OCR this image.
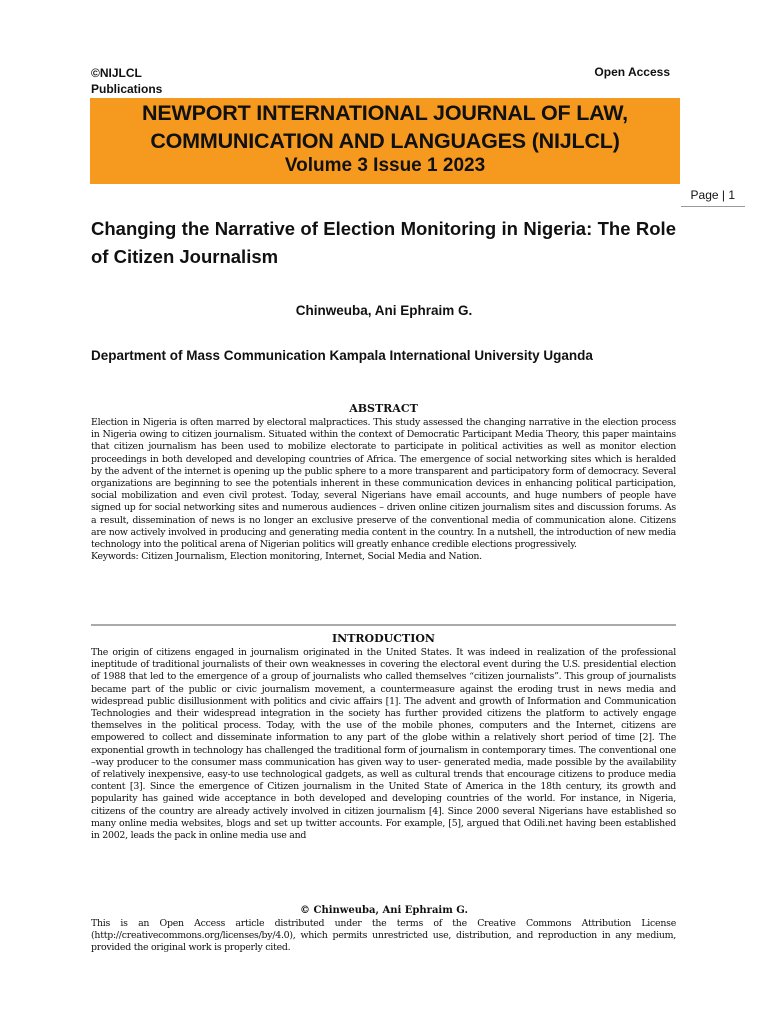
©NIJLCL
Publications
Open Access
NEWPORT INTERNATIONAL JOURNAL OF LAW,
COMMUNICATION AND LANGUAGES (NIJLCL)
Volume 3 Issue 1 2023
Page | 1
Changing the Narrative of Election Monitoring in Nigeria: The Role of Citizen Journalism
Chinweuba, Ani Ephraim G.
Department of Mass Communication Kampala International University Uganda
ABSTRACT
Election in Nigeria is often marred by electoral malpractices. This study assessed the changing narrative in the election process in Nigeria owing to citizen journalism. Situated within the context of Democratic Participant Media Theory, this paper maintains that citizen journalism has been used to mobilize electorate to participate in political activities as well as monitor election proceedings in both developed and developing countries of Africa. The emergence of social networking sites which is heralded by the advent of the internet is opening up the public sphere to a more transparent and participatory form of democracy. Several organizations are beginning to see the potentials inherent in these communication devices in enhancing political participation, social mobilization and even civil protest. Today, several Nigerians have email accounts, and huge numbers of people have signed up for social networking sites and numerous audiences – driven online citizen journalism sites and discussion forums. As a result, dissemination of news is no longer an exclusive preserve of the conventional media of communication alone. Citizens are now actively involved in producing and generating media content in the country. In a nutshell, the introduction of new media technology into the political arena of Nigerian politics will greatly enhance credible elections progressively.
Keywords: Citizen Journalism, Election monitoring, Internet, Social Media and Nation.
INTRODUCTION
The origin of citizens engaged in journalism originated in the United States. It was indeed in realization of the professional ineptitude of traditional journalists of their own weaknesses in covering the electoral event during the U.S. presidential election of 1988 that led to the emergence of a group of journalists who called themselves “citizen journalists”. This group of journalists became part of the public or civic journalism movement, a countermeasure against the eroding trust in news media and widespread public disillusionment with politics and civic affairs [1]. The advent and growth of Information and Communication Technologies and their widespread integration in the society has further provided citizens the platform to actively engage themselves in the political process. Today, with the use of the mobile phones, computers and the Internet, citizens are empowered to collect and disseminate information to any part of the globe within a relatively short period of time [2]. The exponential growth in technology has challenged the traditional form of journalism in contemporary times. The conventional one –way producer to the consumer mass communication has given way to user- generated media, made possible by the availability of relatively inexpensive, easy-to use technological gadgets, as well as cultural trends that encourage citizens to produce media content [3]. Since the emergence of Citizen journalism in the United State of America in the 18th century, its growth and popularity has gained wide acceptance in both developed and developing countries of the world. For instance, in Nigeria, citizens of the country are already actively involved in citizen journalism [4]. Since 2000 several Nigerians have established so many online media websites, blogs and set up twitter accounts. For example, [5], argued that Odili.net having been established in 2002, leads the pack in online media use and
© Chinweuba, Ani Ephraim G.
This is an Open Access article distributed under the terms of the Creative Commons Attribution License (http://creativecommons.org/licenses/by/4.0), which permits unrestricted use, distribution, and reproduction in any medium, provided the original work is properly cited.
